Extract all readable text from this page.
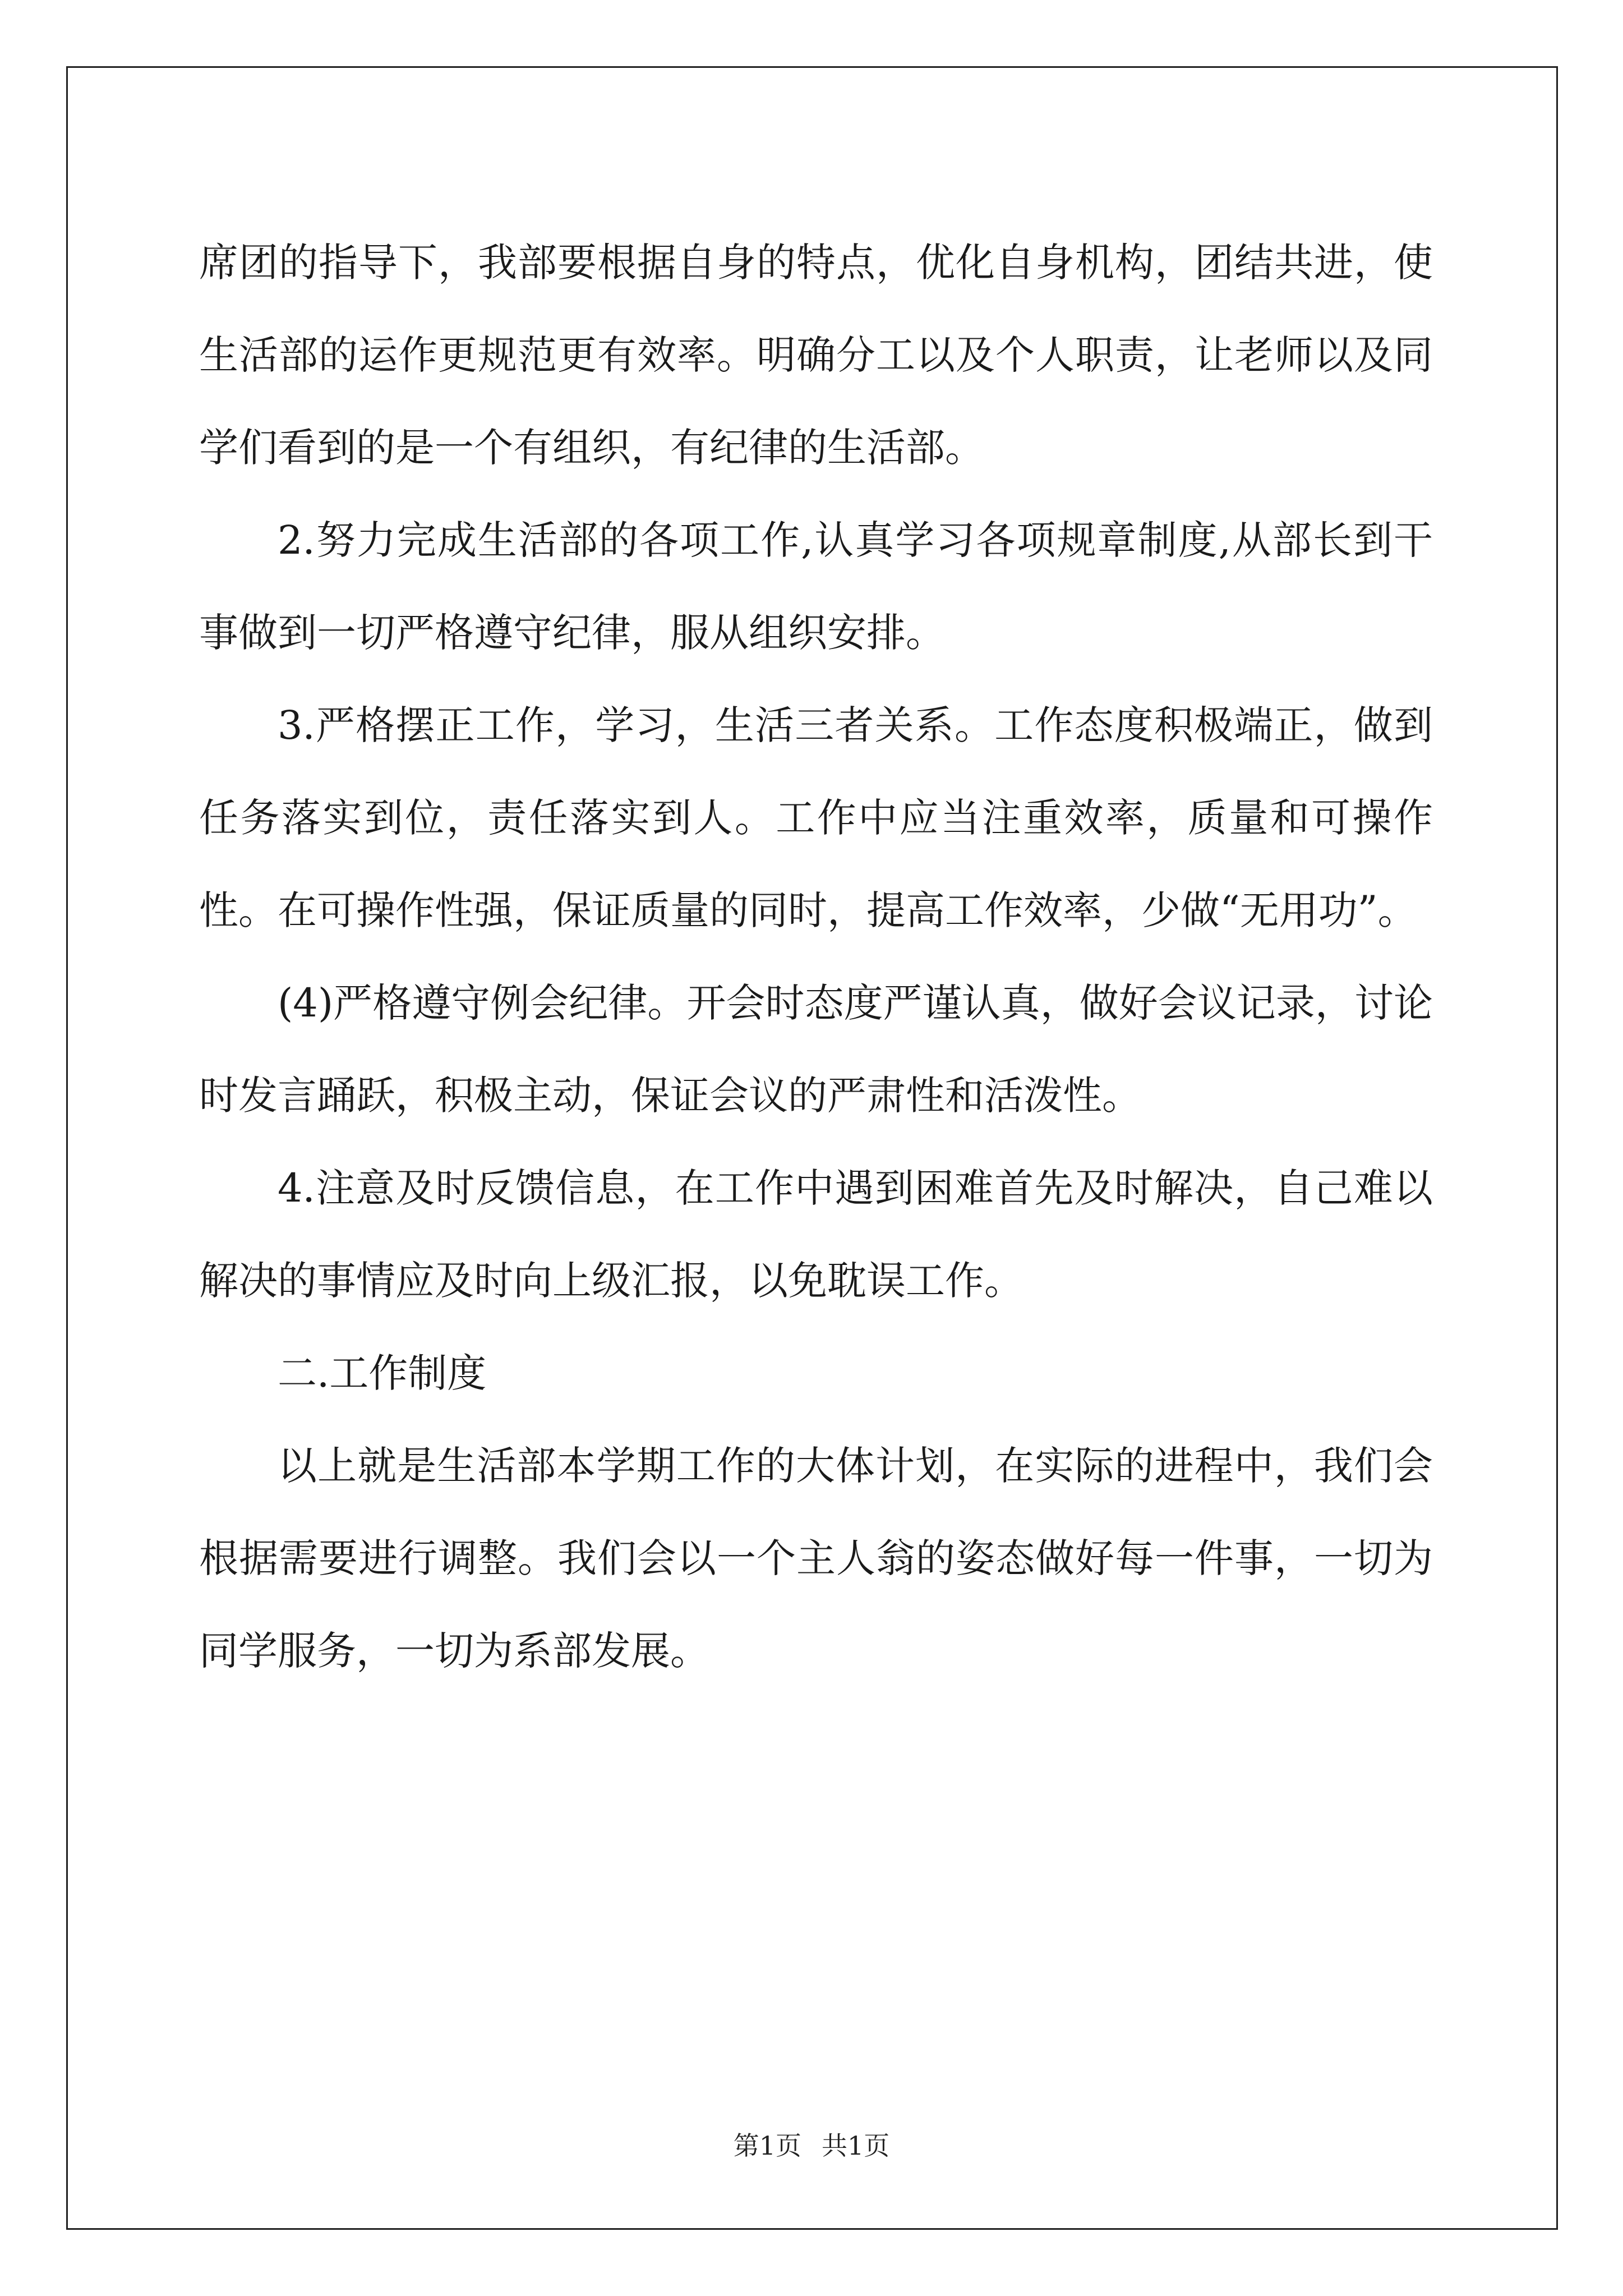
席团的指导下，我部要根据自身的特点，优化自身机构，团结共进，使生活部的运作更规范更有效率。明确分工以及个人职责，让老师以及同学们看到的是一个有组织，有纪律的生活部。

2.努力完成生活部的各项工作,认真学习各项规章制度,从部长到干事做到一切严格遵守纪律，服从组织安排。

3.严格摆正工作，学习，生活三者关系。工作态度积极端正，做到任务落实到位，责任落实到人。工作中应当注重效率，质量和可操作性。在可操作性强，保证质量的同时，提高工作效率，少做“无用功”。

(4)严格遵守例会纪律。开会时态度严谨认真，做好会议记录，讨论时发言踊跃，积极主动，保证会议的严肃性和活泼性。

4.注意及时反馈信息，在工作中遇到困难首先及时解决，自己难以解决的事情应及时向上级汇报，以免耽误工作。

二.工作制度

以上就是生活部本学期工作的大体计划，在实际的进程中，我们会根据需要进行调整。我们会以一个主人翁的姿态做好每一件事，一切为同学服务，一切为系部发展。

第1页 共1页
